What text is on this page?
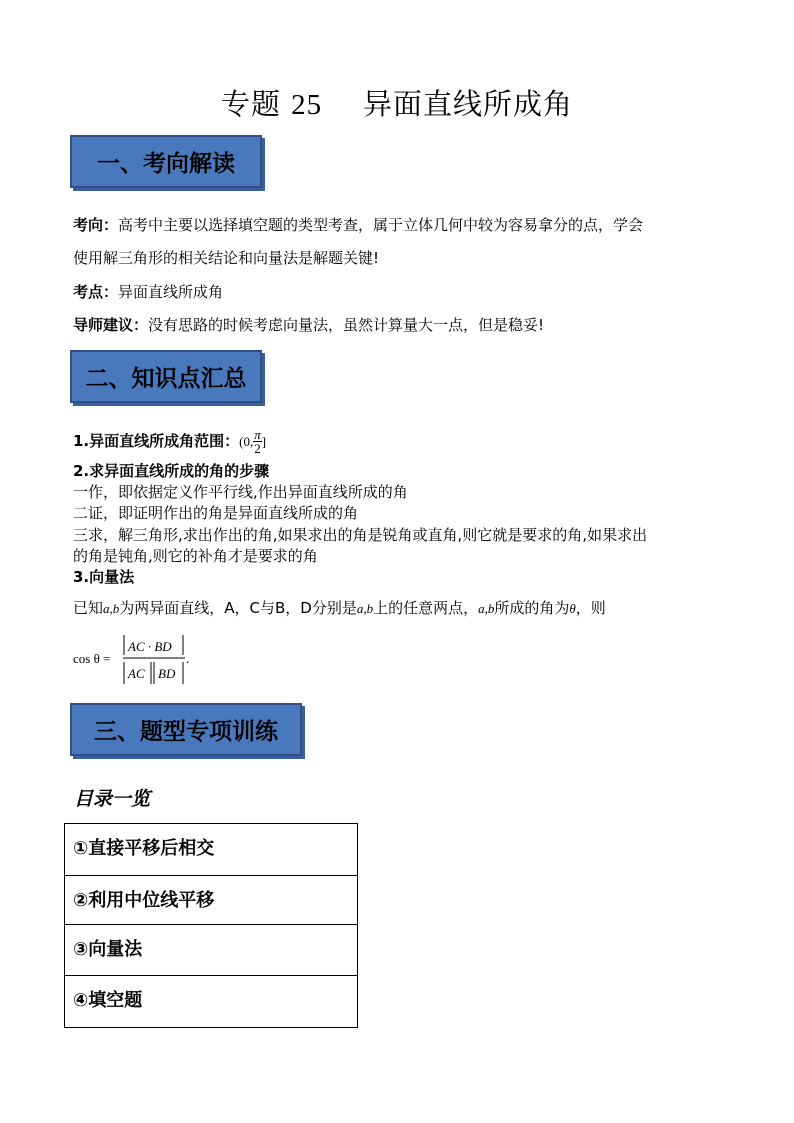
专题 25 异面直线所成角
一、考向解读
考向：高考中主要以选择填空题的类型考查，属于立体几何中较为容易拿分的点，学会
使用解三角形的相关结论和向量法是解题关键!
考点：异面直线所成角
导师建议：没有思路的时候考虑向量法，虽然计算量大一点，但是稳妥!
二、知识点汇总
1.异面直线所成角范围：(0, $\frac{\pi}{2}$ ]
2.求异面直线所成的角的步骤
一作，即依据定义作平行线,作出异面直线所成的角
二证，即证明作出的角是异面直线所成的角
三求，解三角形,求出作出的角,如果求出的角是锐角或直角,则它就是要求的角,如果求出
的角是钝角,则它的补角才是要求的角
3.向量法
已知a,b为两异面直线，A，C与B，D分别是a,b上的任意两点，a,b所成的角为θ，则
cos θ =
AC · BD
AC BD
.
三、题型专项训练
目录一览
①直接平移后相交
②利用中位线平移
③向量法
④填空题
